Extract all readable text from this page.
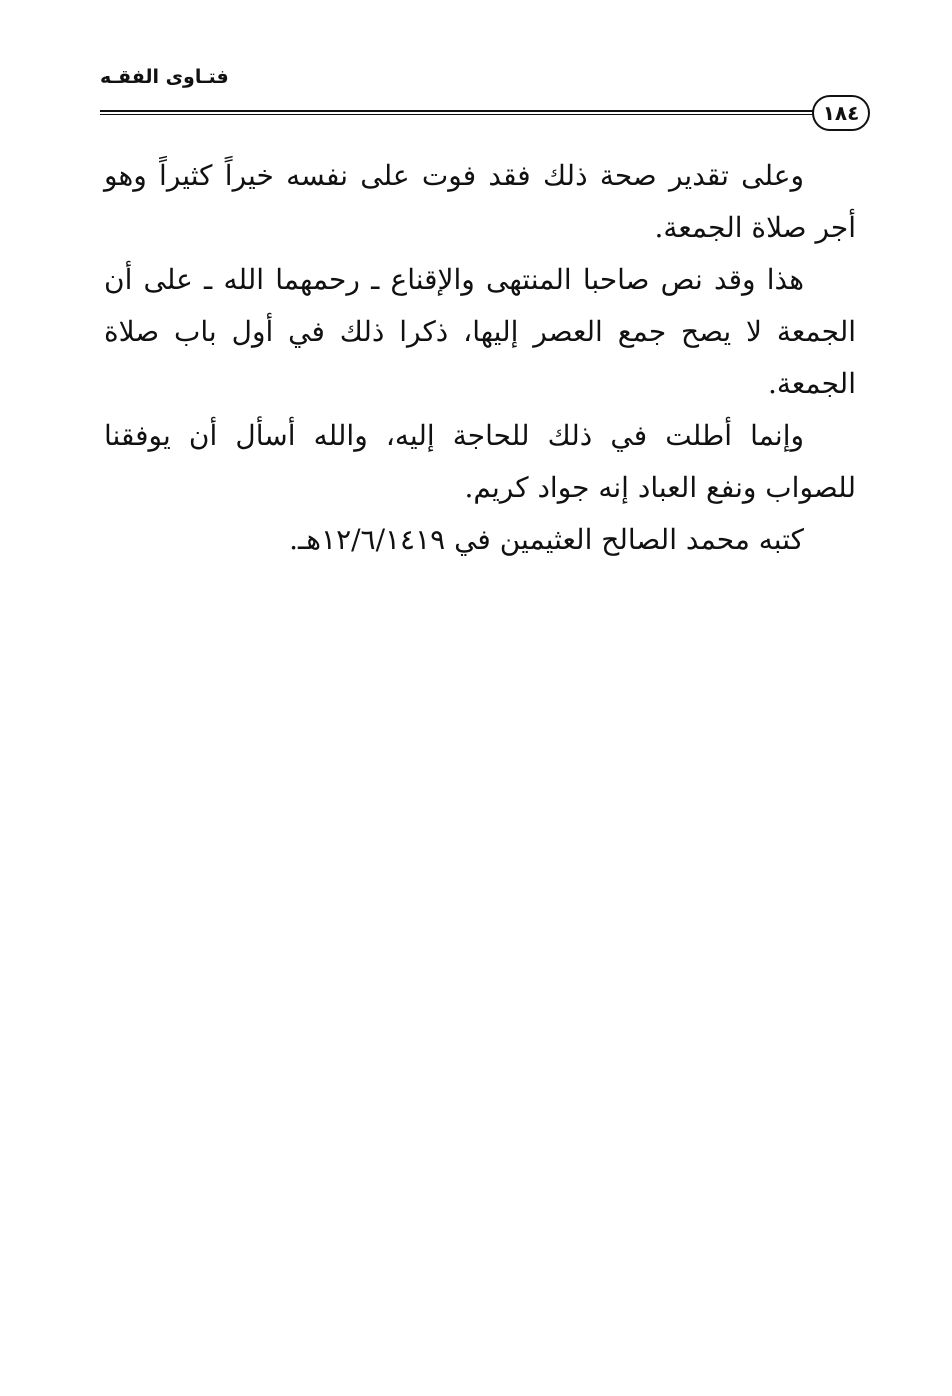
فتـاوى الفقـه
١٨٤

وعلى تقدير صحة ذلك فقد فوت على نفسه خيراً كثيراً وهو أجر صلاة الجمعة.

هذا وقد نص صاحبا المنتهى والإقناع ـ رحمهما الله ـ على أن الجمعة لا يصح جمع العصر إليها، ذكرا ذلك في أول باب صلاة الجمعة.

وإنما أطلت في ذلك للحاجة إليه، والله أسأل أن يوفقنا للصواب ونفع العباد إنه جواد كريم.

كتبه محمد الصالح العثيمين في ١٢/٦/١٤١٩هـ.
